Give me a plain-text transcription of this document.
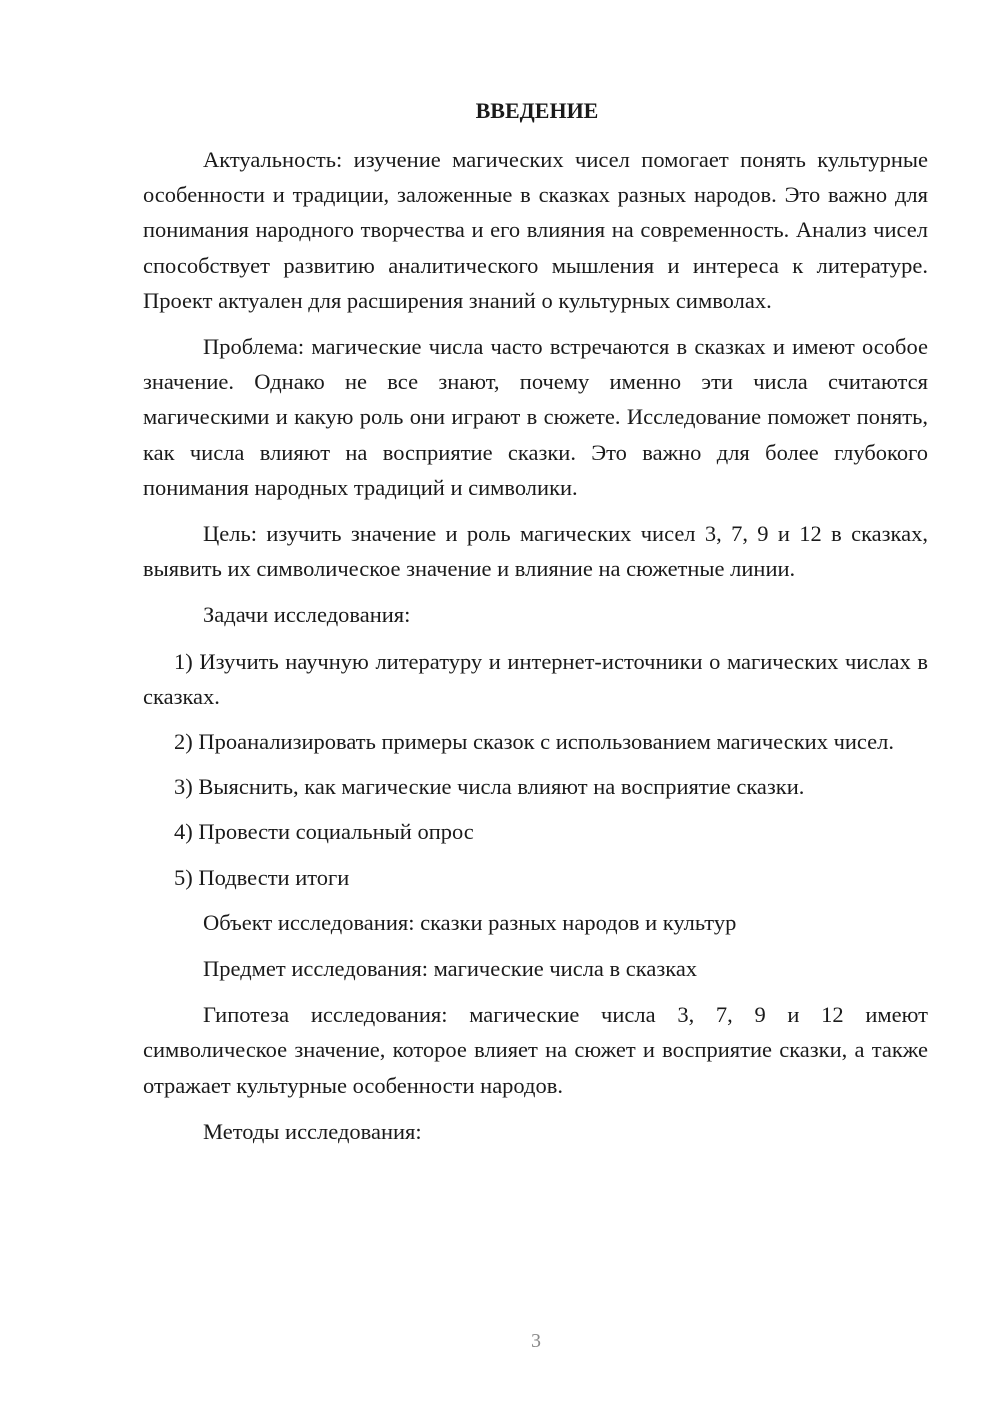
ВВЕДЕНИЕ

Актуальность: изучение магических чисел помогает понять культурные особенности и традиции, заложенные в сказках разных народов. Это важно для понимания народного творчества и его влияния на современность. Анализ чисел способствует развитию аналитического мышления и интереса к литературе. Проект актуален для расширения знаний о культурных символах.

Проблема: магические числа часто встречаются в сказках и имеют особое значение. Однако не все знают, почему именно эти числа считаются магическими и какую роль они играют в сюжете. Исследование поможет понять, как числа влияют на восприятие сказки. Это важно для более глубокого понимания народных традиций и символики.

Цель: изучить значение и роль магических чисел 3, 7, 9 и 12 в сказках, выявить их символическое значение и влияние на сюжетные линии.

Задачи исследования:

1) Изучить научную литературу и интернет-источники о магических числах в сказках.

2) Проанализировать примеры сказок с использованием магических чисел.

3) Выяснить, как магические числа влияют на восприятие сказки.

4) Провести социальный опрос

5) Подвести итоги

Объект исследования: сказки разных народов и культур

Предмет исследования: магические числа в сказках

Гипотеза исследования: магические числа 3, 7, 9 и 12 имеют символическое значение, которое влияет на сюжет и восприятие сказки, а также отражает культурные особенности народов.

Методы исследования:

3
